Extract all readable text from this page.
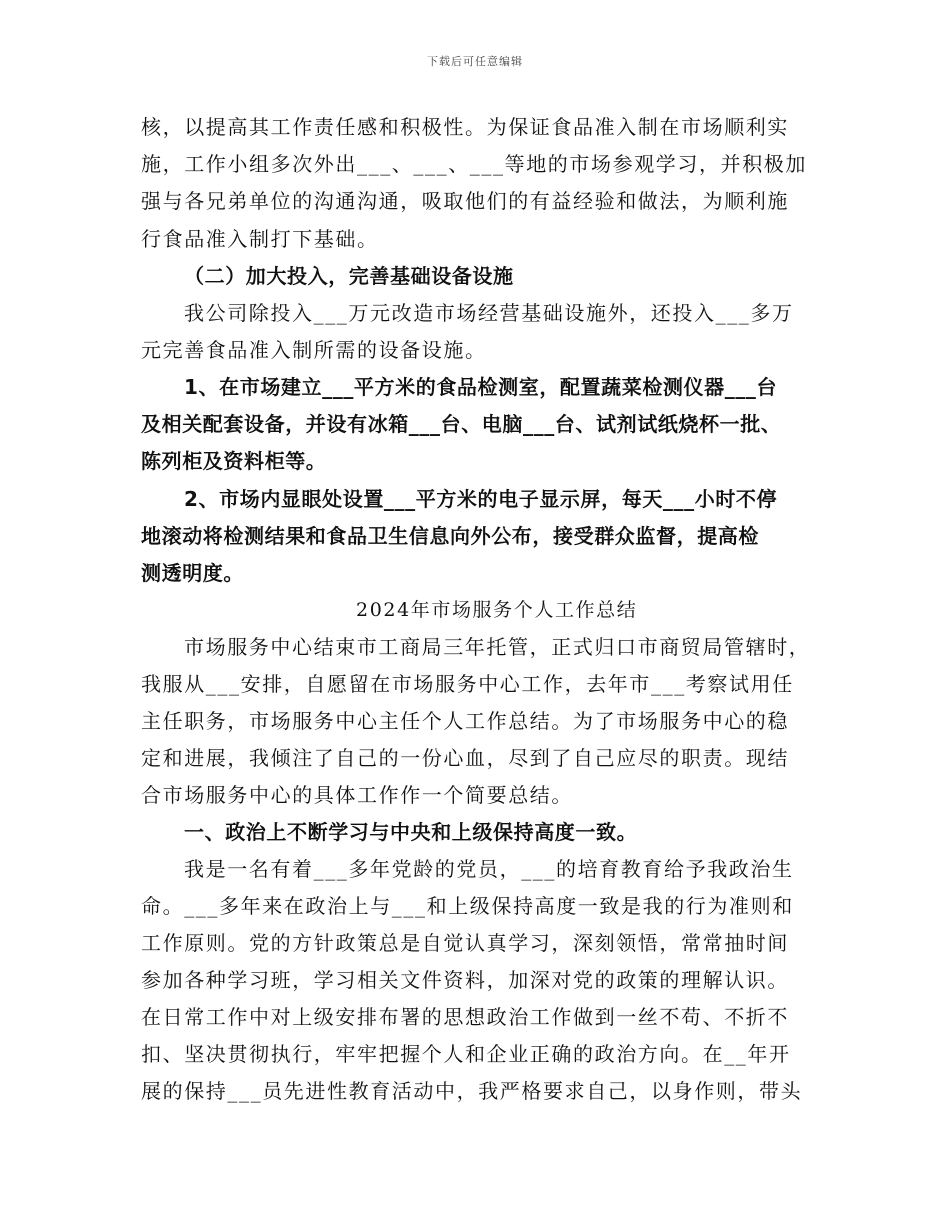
下载后可任意编辑
核，以提高其工作责任感和积极性。为保证食品准入制在市场顺利实
施，工作小组多次外出___、___、___等地的市场参观学习，并积极加
强与各兄弟单位的沟通沟通，吸取他们的有益经验和做法，为顺利施
行食品准入制打下基础。
（二）加大投入，完善基础设备设施
我公司除投入___万元改造市场经营基础设施外，还投入___多万
元完善食品准入制所需的设备设施。
1、在市场建立___平方米的食品检测室，配置蔬菜检测仪器___台
及相关配套设备，并设有冰箱___台、电脑___台、试剂试纸烧杯一批、
陈列柜及资料柜等。
2、市场内显眼处设置___平方米的电子显示屏，每天___小时不停
地滚动将检测结果和食品卫生信息向外公布，接受群众监督，提高检
测透明度。
2024年市场服务个人工作总结
市场服务中心结束市工商局三年托管，正式归口市商贸局管辖时，
我服从___安排，自愿留在市场服务中心工作，去年市___考察试用任
主任职务，市场服务中心主任个人工作总结。为了市场服务中心的稳
定和进展，我倾注了自己的一份心血，尽到了自己应尽的职责。现结
合市场服务中心的具体工作作一个简要总结。
一、政治上不断学习与中央和上级保持高度一致。
我是一名有着___多年党龄的党员，___的培育教育给予我政治生
命。___多年来在政治上与___和上级保持高度一致是我的行为准则和
工作原则。党的方针政策总是自觉认真学习，深刻领悟，常常抽时间
参加各种学习班，学习相关文件资料，加深对党的政策的理解认识。
在日常工作中对上级安排布署的思想政治工作做到一丝不苟、不折不
扣、坚决贯彻执行，牢牢把握个人和企业正确的政治方向。在__年开
展的保持___员先进性教育活动中，我严格要求自己，以身作则，带头
